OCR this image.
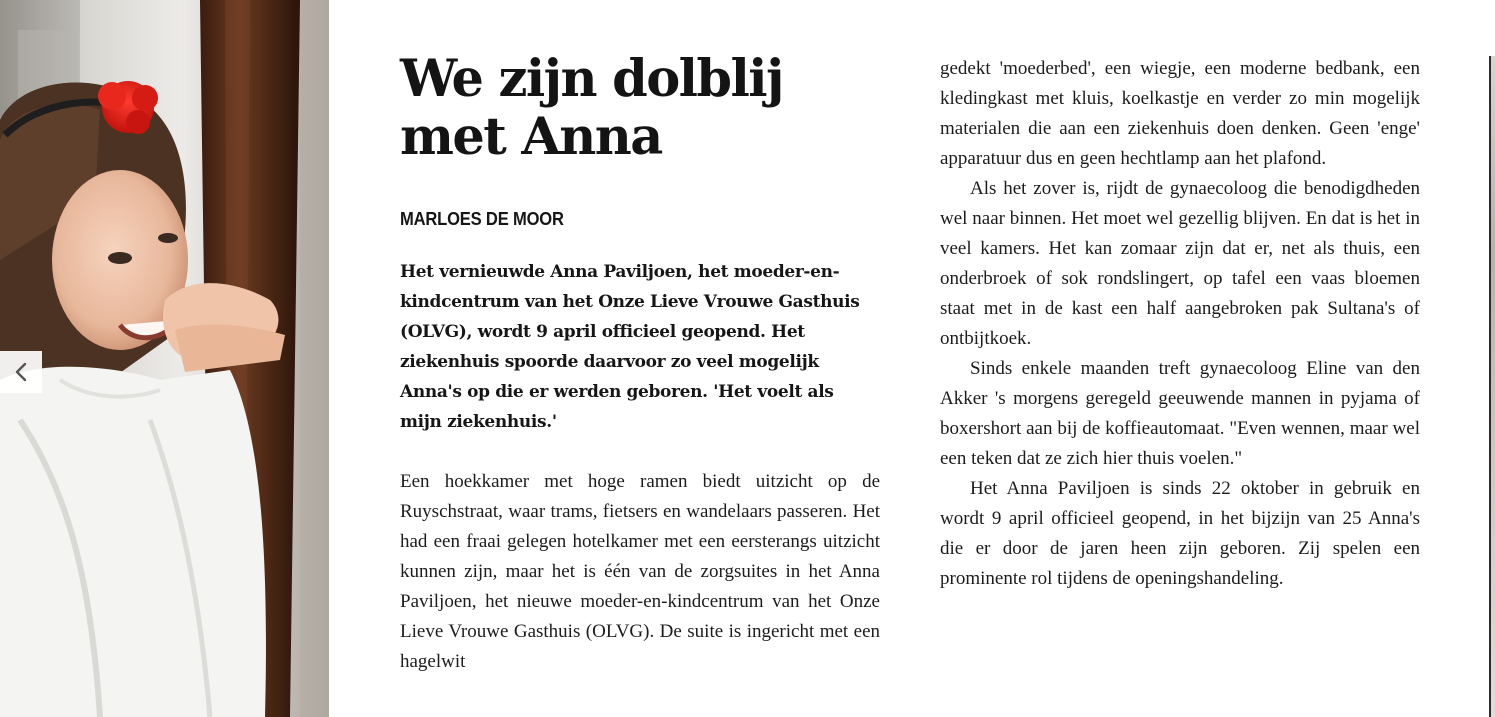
We zijn dolblij
met Anna
MARLOES DE MOOR

Het vernieuwde Anna Paviljoen, het moeder-en-kindcentrum van het Onze Lieve Vrouwe Gasthuis (OLVG), wordt 9 april officieel geopend. Het ziekenhuis spoorde daarvoor zo veel mogelijk Anna's op die er werden geboren. 'Het voelt als mijn ziekenhuis.'

Een hoekkamer met hoge ramen biedt uitzicht op de Ruyschstraat, waar trams, fietsers en wandelaars passeren. Het had een fraai gelegen hotelkamer met een eersterangs uitzicht kunnen zijn, maar het is één van de zorgsuites in het Anna Paviljoen, het nieuwe moeder-en-kindcentrum van het Onze Lieve Vrouwe Gasthuis (OLVG). De suite is ingericht met een hagelwit

gedekt 'moederbed', een wiegje, een moderne bedbank, een kledingkast met kluis, koelkastje en verder zo min mogelijk materialen die aan een ziekenhuis doen denken. Geen 'enge' apparatuur dus en geen hechtlamp aan het plafond.

Als het zover is, rijdt de gynaecoloog die benodigdheden wel naar binnen. Het moet wel gezellig blijven. En dat is het in veel kamers. Het kan zomaar zijn dat er, net als thuis, een onderbroek of sok rondslingert, op tafel een vaas bloemen staat met in de kast een half aangebroken pak Sultana's of ontbijtkoek.

Sinds enkele maanden treft gynaecoloog Eline van den Akker 's morgens geregeld geeuwende mannen in pyjama of boxershort aan bij de koffieautomaat. "Even wennen, maar wel een teken dat ze zich hier thuis voelen."

Het Anna Paviljoen is sinds 22 oktober in gebruik en wordt 9 april officieel geopend, in het bijzijn van 25 Anna's die er door de jaren heen zijn geboren. Zij spelen een prominente rol tijdens de openingshandeling.
